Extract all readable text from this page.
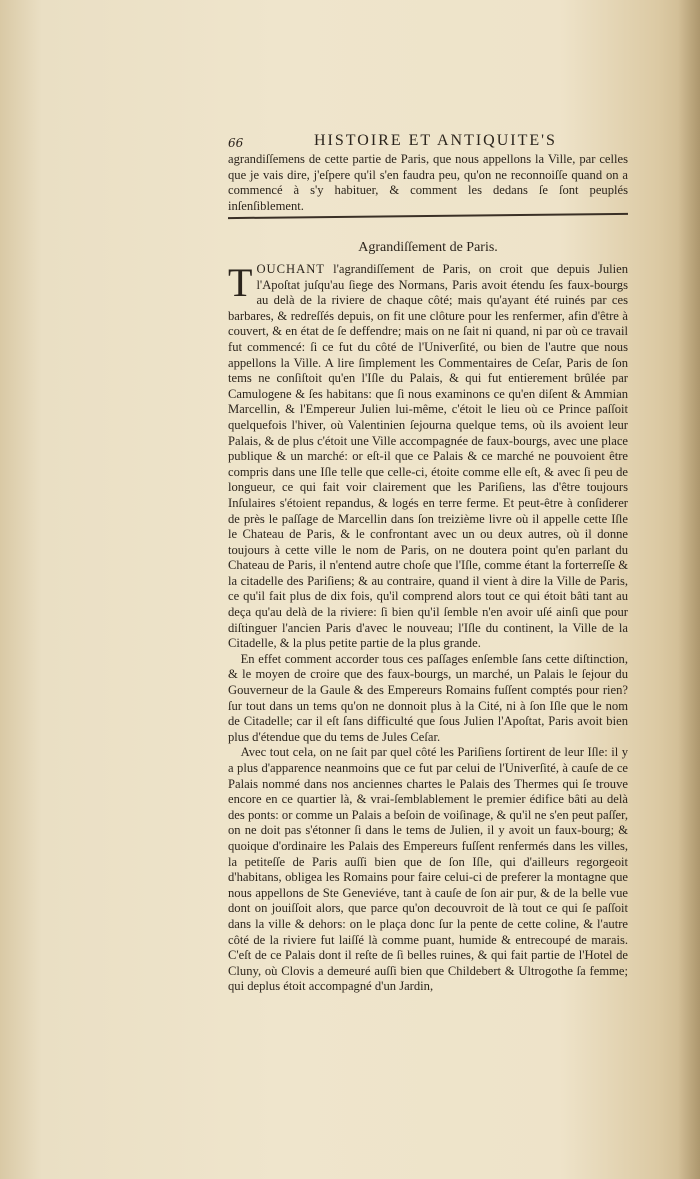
66	HISTOIRE ET ANTIQUITE'S
agrandiſſemens de cette partie de Paris, que nous appellons la Ville, par celles que je vais dire, j'eſpere qu'il s'en faudra peu, qu'on ne reconnoiſſe quand on a commencé à s'y habituer, & comment les dedans ſe ſont peuplés inſenſiblement.
Agrandiſſement de Paris.

TOUCHANT l'agrandiſſement de Paris, on croit que depuis Julien l'Apoſtat juſqu'au ſiege des Normans, Paris avoit étendu ſes faux-bourgs au delà de la riviere de chaque côté; mais qu'ayant été ruinés par ces barbares, & redreſſés depuis, on fit une clôture pour les renfermer, afin d'être à couvert, & en état de ſe deffendre; mais on ne ſait ni quand, ni par où ce travail fut commencé: ſi ce fut du côté de l'Univerſité, ou bien de l'autre que nous appellons la Ville. A lire ſimplement les Commentaires de Ceſar, Paris de ſon tems ne conſiſtoit qu'en l'Iſle du Palais, & qui fut entierement brûlée par Camulogene & ſes habitans: que ſi nous examinons ce qu'en diſent & Ammian Marcellin, & l'Empereur Julien lui-même, c'étoit le lieu où ce Prince paſſoit quelquefois l'hiver, où Valentinien ſejourna quelque tems, où ils avoient leur Palais, & de plus c'étoit une Ville accompagnée de faux-bourgs, avec une place publique & un marché: or eſt-il que ce Palais & ce marché ne pouvoient être compris dans une Iſle telle que celle-ci, étoite comme elle eſt, & avec ſi peu de longueur, ce qui fait voir clairement que les Pariſiens, las d'être toujours Inſulaires s'étoient repandus, & logés en terre ferme. Et peut-être à conſiderer de près le paſſage de Marcellin dans ſon treizième livre où il appelle cette Iſle le Chateau de Paris, & le confrontant avec un ou deux autres, où il donne toujours à cette ville le nom de Paris, on ne doutera point qu'en parlant du Chateau de Paris, il n'entend autre choſe que l'Iſle, comme étant la forterreſſe & la citadelle des Pariſiens; & au contraire, quand il vient à dire la Ville de Paris, ce qu'il fait plus de dix fois, qu'il comprend alors tout ce qui étoit bâti tant au deça qu'au delà de la riviere: ſi bien qu'il ſemble n'en avoir uſé ainſi que pour diſtinguer l'ancien Paris d'avec le nouveau; l'Iſle du continent, la Ville de la Citadelle, & la plus petite partie de la plus grande.

En effet comment accorder tous ces paſſages enſemble ſans cette diſtinction, & le moyen de croire que des faux-bourgs, un marché, un Palais le ſejour du Gouverneur de la Gaule & des Empereurs Romains fuſſent comptés pour rien? ſur tout dans un tems qu'on ne donnoit plus à la Cité, ni à ſon Iſle que le nom de Citadelle; car il eſt ſans difficulté que ſous Julien l'Apoſtat, Paris avoit bien plus d'étendue que du tems de Jules Ceſar.

Avec tout cela, on ne ſait par quel côté les Pariſiens ſortirent de leur Iſle: il y a plus d'apparence neanmoins que ce fut par celui de l'Univerſité, à cauſe de ce Palais nommé dans nos anciennes chartes le Palais des Thermes qui ſe trouve encore en ce quartier là, & vrai-ſemblablement le premier édifice bâti au delà des ponts: or comme un Palais a beſoin de voiſinage, & qu'il ne s'en peut paſſer, on ne doit pas s'étonner ſi dans le tems de Julien, il y avoit un faux-bourg; & quoique d'ordinaire les Palais des Empereurs fuſſent renfermés dans les villes, la petiteſſe de Paris auſſi bien que de ſon Iſle, qui d'ailleurs regorgeoit d'habitans, obligea les Romains pour faire celui-ci de preferer la montagne que nous appellons de Ste Geneviéve, tant à cauſe de ſon air pur, & de la belle vue dont on jouiſſoit alors, que parce qu'on decouvroit de là tout ce qui ſe paſſoit dans la ville & dehors: on le plaça donc ſur la pente de cette coline, & l'autre côté de la riviere fut laiſſé là comme puant, humide & entrecoupé de marais. C'eſt de ce Palais dont il reſte de ſi belles ruines, & qui fait partie de l'Hotel de Cluny, où Clovis a demeuré auſſi bien que Childebert & Ultrogothe ſa femme; qui deplus étoit accompagné d'un Jardin,
